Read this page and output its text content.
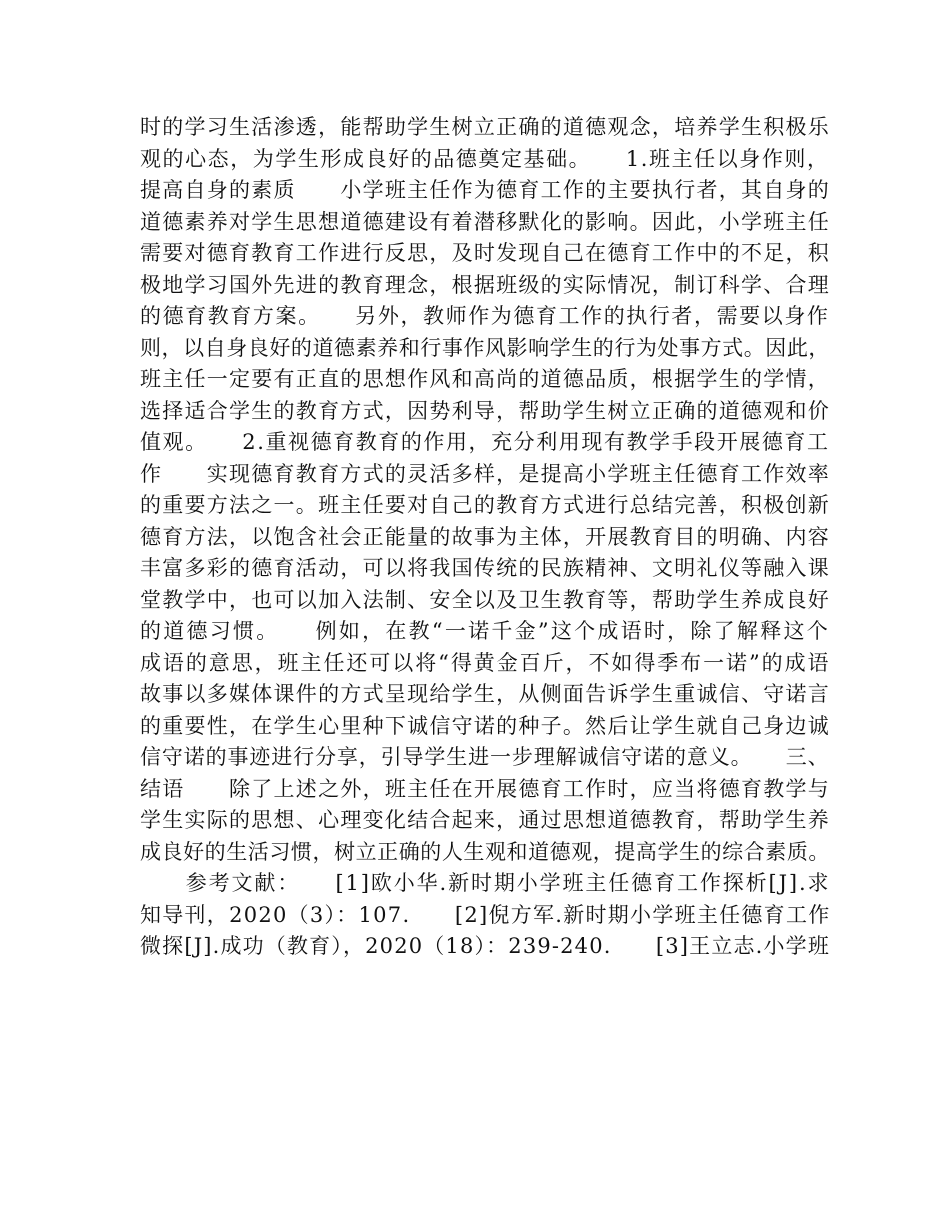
时的学习生活渗透，能帮助学生树立正确的道德观念，培养学生积极乐
观的心态，为学生形成良好的品德奠定基础。　　1.班主任以身作则，
提高自身的素质　　小学班主任作为德育工作的主要执行者，其自身的
道德素养对学生思想道德建设有着潜移默化的影响。因此，小学班主任
需要对德育教育工作进行反思，及时发现自己在德育工作中的不足，积
极地学习国外先进的教育理念，根据班级的实际情况，制订科学、合理
的德育教育方案。　　另外，教师作为德育工作的执行者，需要以身作
则，以自身良好的道德素养和行事作风影响学生的行为处事方式。因此，
班主任一定要有正直的思想作风和高尚的道德品质，根据学生的学情，
选择适合学生的教育方式，因势利导，帮助学生树立正确的道德观和价
值观。　　2.重视德育教育的作用，充分利用现有教学手段开展德育工
作　　实现德育教育方式的灵活多样，是提高小学班主任德育工作效率
的重要方法之一。班主任要对自己的教育方式进行总结完善，积极创新
德育方法，以饱含社会正能量的故事为主体，开展教育目的明确、内容
丰富多彩的德育活动，可以将我国传统的民族精神、文明礼仪等融入课
堂教学中，也可以加入法制、安全以及卫生教育等，帮助学生养成良好
的道德习惯。　　例如，在教“一诺千金”这个成语时，除了解释这个
成语的意思，班主任还可以将“得黄金百斤，不如得季布一诺”的成语
故事以多媒体课件的方式呈现给学生，从侧面告诉学生重诚信、守诺言
的重要性，在学生心里种下诚信守诺的种子。然后让学生就自己身边诚
信守诺的事迹进行分享，引导学生进一步理解诚信守诺的意义。　　三、
结语　　除了上述之外，班主任在开展德育工作时，应当将德育教学与
学生实际的思想、心理变化结合起来，通过思想道德教育，帮助学生养
成良好的生活习惯，树立正确的人生观和道德观，提高学生的综合素质。
　　参考文献：　　[1]欧小华.新时期小学班主任德育工作探析[J].求
知导刊，2020（3）：107.　　[2]倪方军.新时期小学班主任德育工作
微探[J].成功（教育），2020（18）：239-240.　　[3]王立志.小学班
